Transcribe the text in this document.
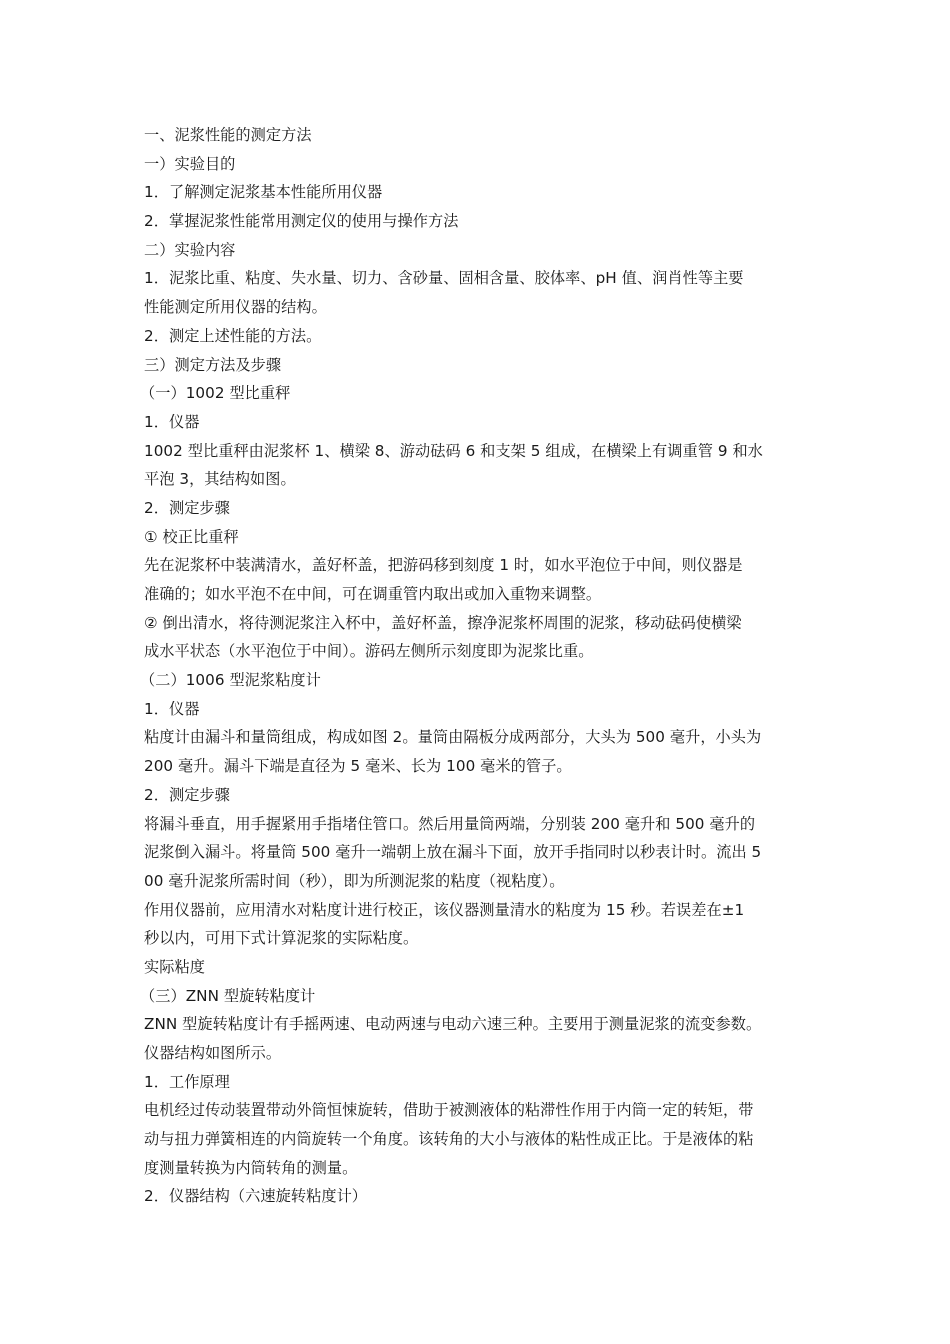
一、泥浆性能的测定方法
一）实验目的
1．了解测定泥浆基本性能所用仪器
2．掌握泥浆性能常用测定仪的使用与操作方法
二）实验内容
1．泥浆比重、粘度、失水量、切力、含砂量、固相含量、胶体率、pH 值、润肖性等主要
性能测定所用仪器的结构。
2．测定上述性能的方法。
三）测定方法及步骤
（一）1002 型比重秤
1．仪器
1002 型比重秤由泥浆杯 1、横梁 8、游动砝码 6 和支架 5 组成，在横梁上有调重管 9 和水
平泡 3，其结构如图。
2．测定步骤
① 校正比重秤
先在泥浆杯中装满清水，盖好杯盖，把游码移到刻度 1 时，如水平泡位于中间，则仪器是
准确的；如水平泡不在中间，可在调重管内取出或加入重物来调整。
② 倒出清水，将待测泥浆注入杯中，盖好杯盖，擦净泥浆杯周围的泥浆，移动砝码使横梁
成水平状态（水平泡位于中间）。游码左侧所示刻度即为泥浆比重。
（二）1006 型泥浆粘度计
1．仪器
粘度计由漏斗和量筒组成，构成如图 2。量筒由隔板分成两部分，大头为 500 毫升，小头为
200 毫升。漏斗下端是直径为 5 毫米、长为 100 毫米的管子。
2．测定步骤
将漏斗垂直，用手握紧用手指堵住管口。然后用量筒两端，分别装 200 毫升和 500 毫升的
泥浆倒入漏斗。将量筒 500 毫升一端朝上放在漏斗下面，放开手指同时以秒表计时。流出 5
00 毫升泥浆所需时间（秒），即为所测泥浆的粘度（视粘度）。
作用仪器前，应用清水对粘度计进行校正，该仪器测量清水的粘度为 15 秒。若误差在±1
秒以内，可用下式计算泥浆的实际粘度。
实际粘度
（三）ZNN 型旋转粘度计
ZNN 型旋转粘度计有手摇两速、电动两速与电动六速三种。主要用于测量泥浆的流变参数。
仪器结构如图所示。
1．工作原理
电机经过传动装置带动外筒恒悚旋转，借助于被测液体的粘滞性作用于内筒一定的转矩，带
动与扭力弹簧相连的内筒旋转一个角度。该转角的大小与液体的粘性成正比。于是液体的粘
度测量转换为内筒转角的测量。
2．仪器结构（六速旋转粘度计）
